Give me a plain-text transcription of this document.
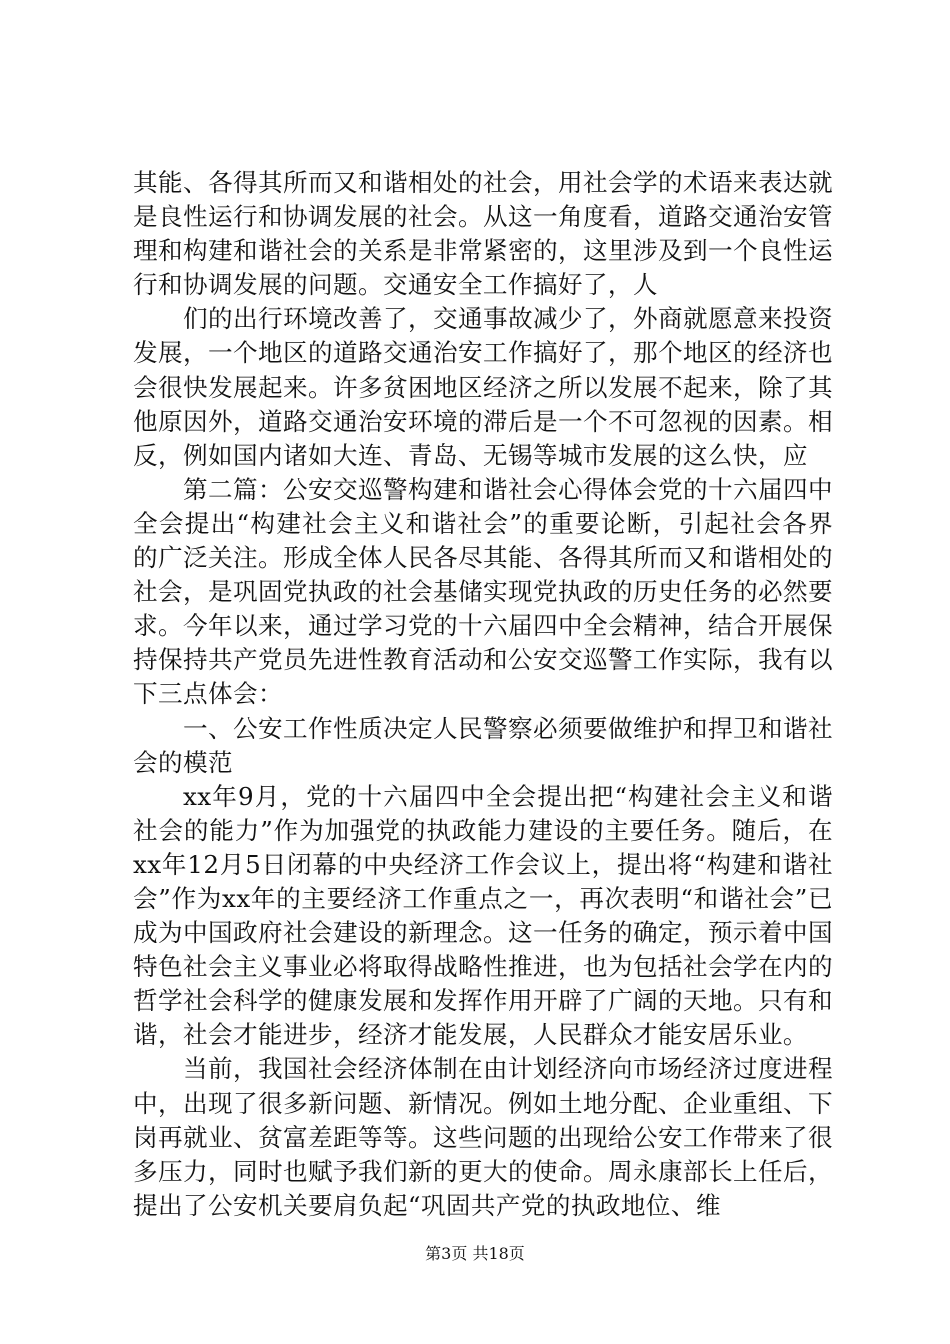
其能、各得其所而又和谐相处的社会，用社会学的术语来表达就是良性运行和协调发展的社会。从这一角度看，道路交通治安管理和构建和谐社会的关系是非常紧密的，这里涉及到一个良性运行和协调发展的问题。交通安全工作搞好了，人

们的出行环境改善了，交通事故减少了，外商就愿意来投资发展，一个地区的道路交通治安工作搞好了，那个地区的经济也会很快发展起来。许多贫困地区经济之所以发展不起来，除了其他原因外，道路交通治安环境的滞后是一个不可忽视的因素。相反，例如国内诸如大连、青岛、无锡等城市发展的这么快，应

第二篇：公安交巡警构建和谐社会心得体会党的十六届四中全会提出“构建社会主义和谐社会”的重要论断，引起社会各界的广泛关注。形成全体人民各尽其能、各得其所而又和谐相处的社会，是巩固党执政的社会基储实现党执政的历史任务的必然要求。今年以来，通过学习党的十六届四中全会精神，结合开展保持保持共产党员先进性教育活动和公安交巡警工作实际，我有以下三点体会：

一、公安工作性质决定人民警察必须要做维护和捍卫和谐社会的模范

xx年9月，党的十六届四中全会提出把“构建社会主义和谐社会的能力”作为加强党的执政能力建设的主要任务。随后，在xx年12月5日闭幕的中央经济工作会议上，提出将“构建和谐社会”作为xx年的主要经济工作重点之一，再次表明“和谐社会”已成为中国政府社会建设的新理念。这一任务的确定，预示着中国特色社会主义事业必将取得战略性推进，也为包括社会学在内的哲学社会科学的健康发展和发挥作用开辟了广阔的天地。只有和谐，社会才能进步，经济才能发展，人民群众才能安居乐业。

当前，我国社会经济体制在由计划经济向市场经济过度进程中，出现了很多新问题、新情况。例如土地分配、企业重组、下岗再就业、贫富差距等等。这些问题的出现给公安工作带来了很多压力，同时也赋予我们新的更大的使命。周永康部长上任后，提出了公安机关要肩负起“巩固共产党的执政地位、维

第3页 共18页
